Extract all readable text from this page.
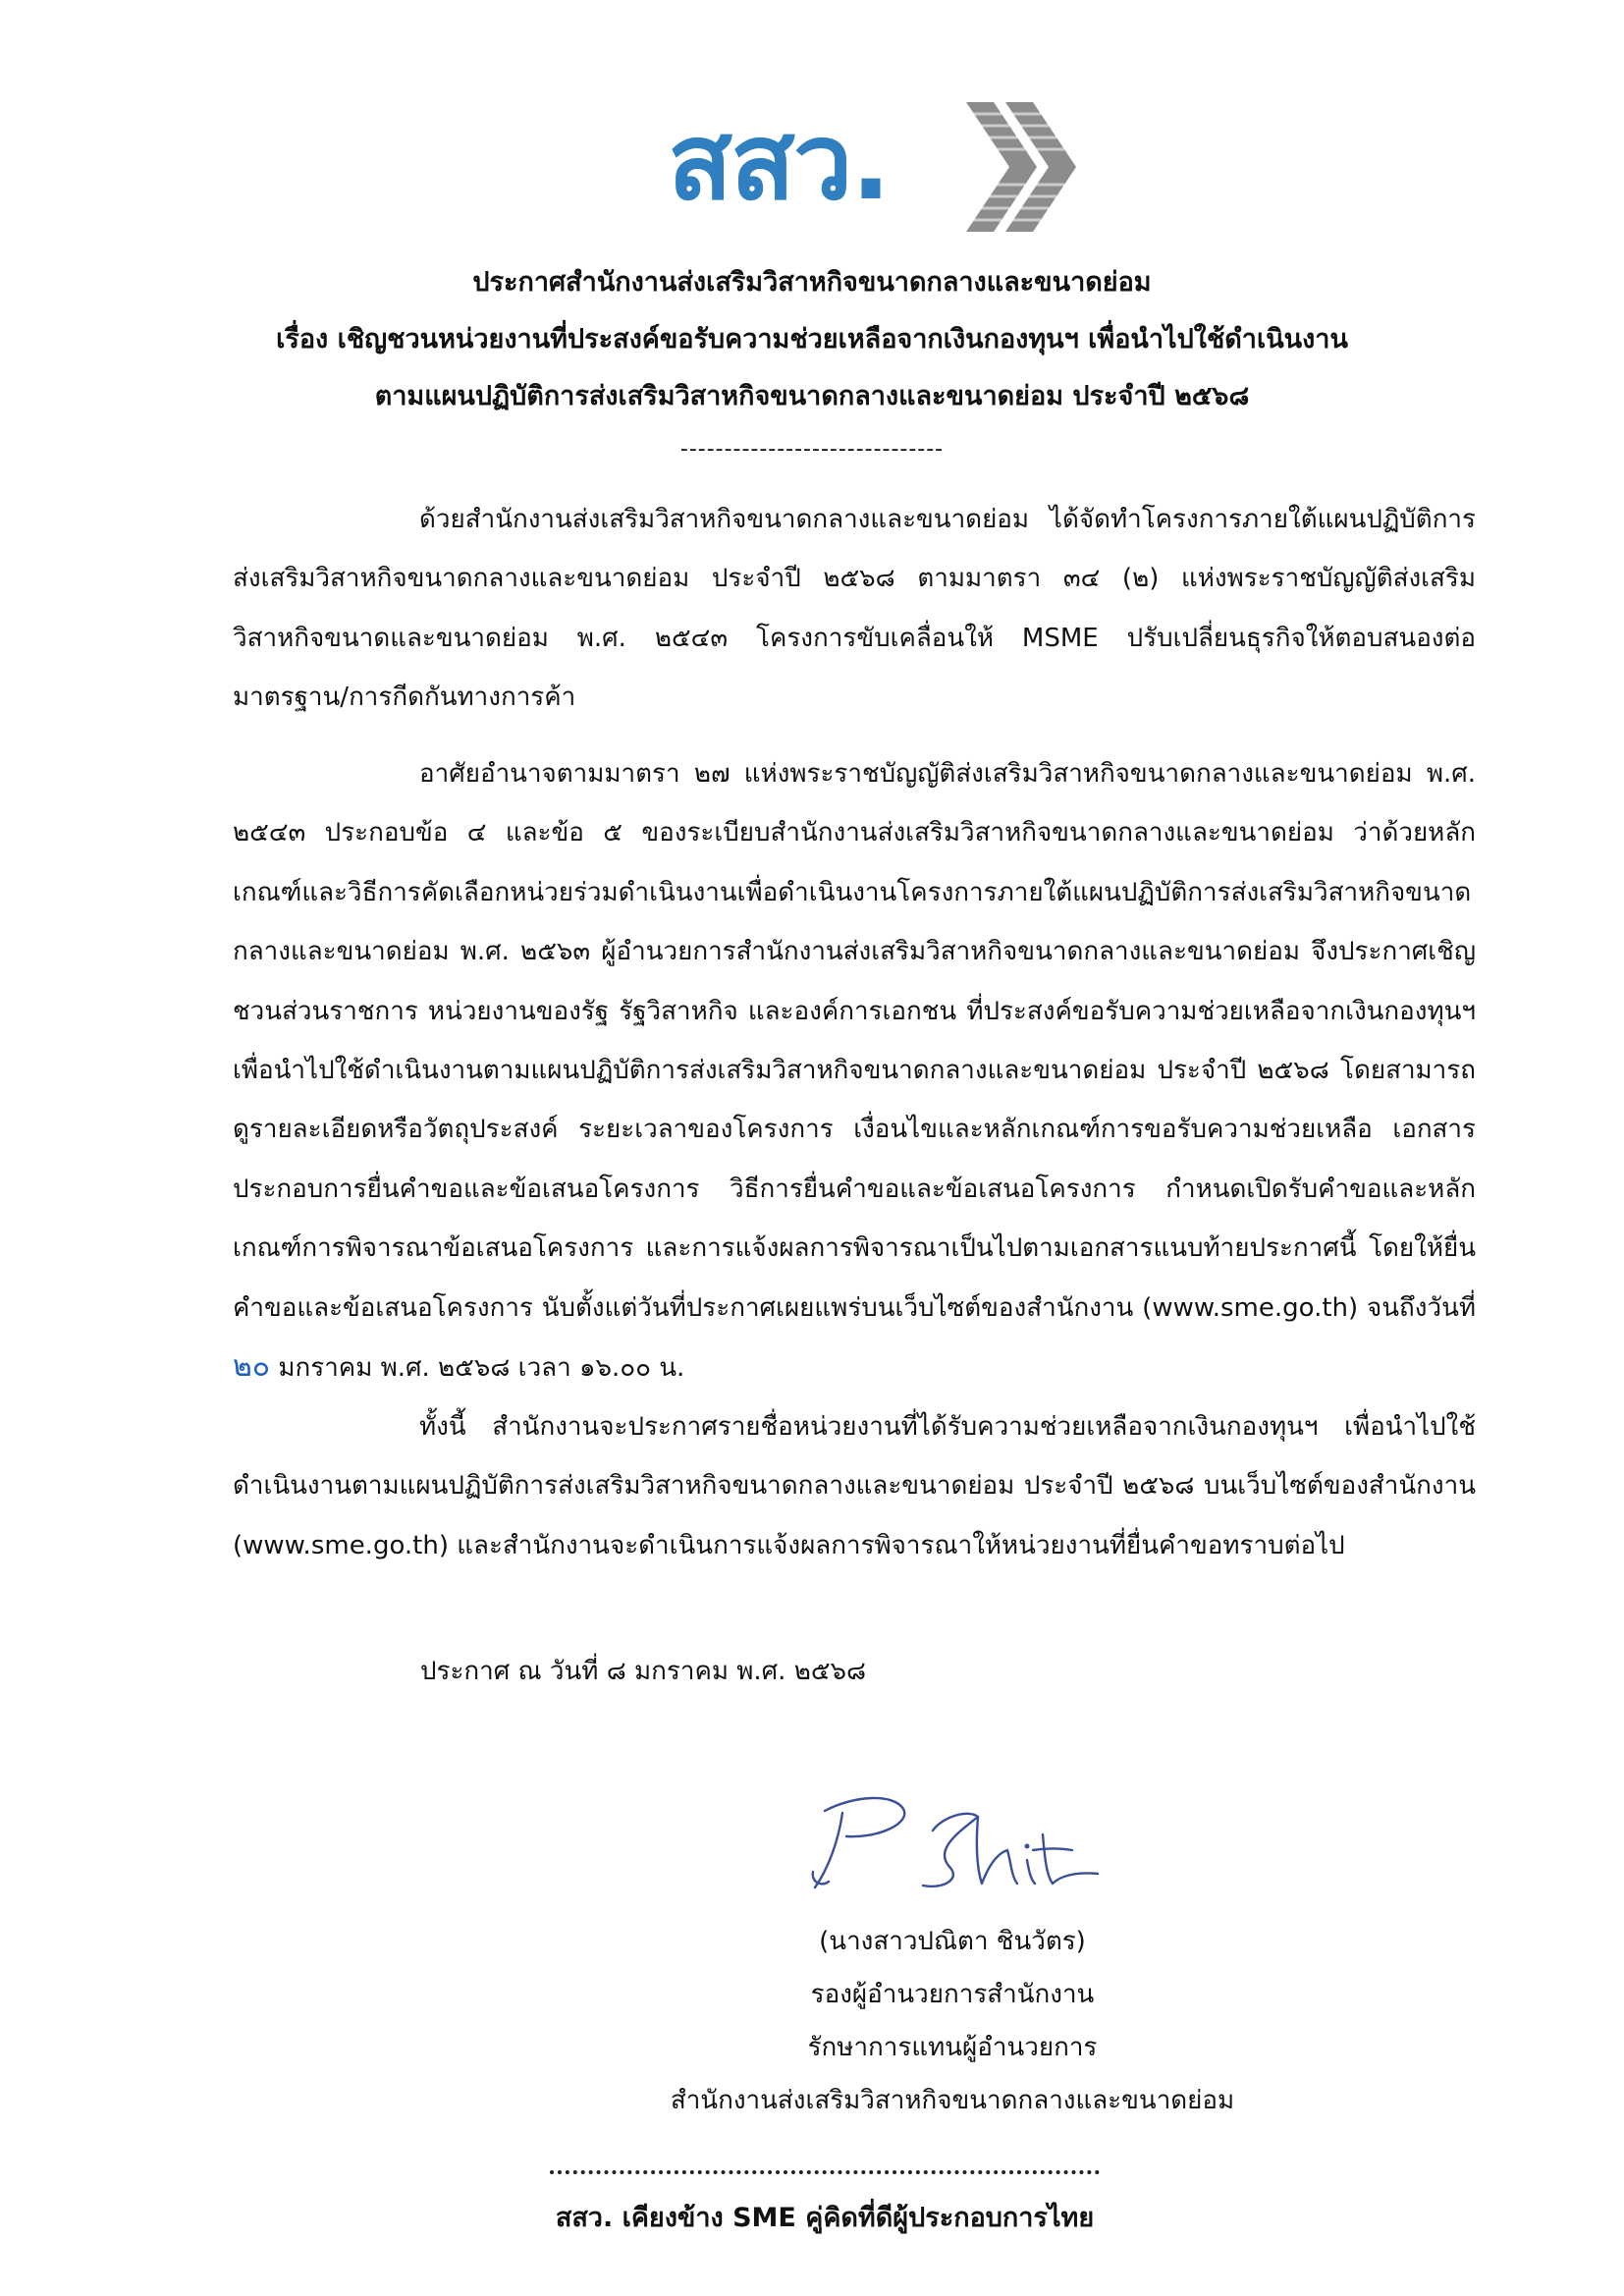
สสว.
ประกาศสำนักงานส่งเสริมวิสาหกิจขนาดกลางและขนาดย่อม
เรื่อง เชิญชวนหน่วยงานที่ประสงค์ขอรับความช่วยเหลือจากเงินกองทุนฯ เพื่อนำไปใช้ดำเนินงาน
ตามแผนปฏิบัติการส่งเสริมวิสาหกิจขนาดกลางและขนาดย่อม ประจำปี ๒๕๖๘
------------------------------

ด้วยสำนักงานส่งเสริมวิสาหกิจขนาดกลางและขนาดย่อม ได้จัดทำโครงการภายใต้แผนปฏิบัติการส่งเสริมวิสาหกิจขนาดกลางและขนาดย่อม ประจำปี ๒๕๖๘ ตามมาตรา ๓๔ (๒) แห่งพระราชบัญญัติส่งเสริมวิสาหกิจขนาดและขนาดย่อม พ.ศ. ๒๕๔๓ โครงการขับเคลื่อนให้ MSME ปรับเปลี่ยนธุรกิจให้ตอบสนองต่อมาตรฐาน/การกีดกันทางการค้า

อาศัยอำนาจตามมาตรา ๒๗ แห่งพระราชบัญญัติส่งเสริมวิสาหกิจขนาดกลางและขนาดย่อม พ.ศ. ๒๕๔๓ ประกอบข้อ ๔ และข้อ ๕ ของระเบียบสำนักงานส่งเสริมวิสาหกิจขนาดกลางและขนาดย่อม ว่าด้วยหลักเกณฑ์และวิธีการคัดเลือกหน่วยร่วมดำเนินงานเพื่อดำเนินงานโครงการภายใต้แผนปฏิบัติการส่งเสริมวิสาหกิจขนาดกลางและขนาดย่อม พ.ศ. ๒๕๖๓ ผู้อำนวยการสำนักงานส่งเสริมวิสาหกิจขนาดกลางและขนาดย่อม จึงประกาศเชิญชวนส่วนราชการ หน่วยงานของรัฐ รัฐวิสาหกิจ และองค์การเอกชน ที่ประสงค์ขอรับความช่วยเหลือจากเงินกองทุนฯ เพื่อนำไปใช้ดำเนินงานตามแผนปฏิบัติการส่งเสริมวิสาหกิจขนาดกลางและขนาดย่อม ประจำปี ๒๕๖๘ โดยสามารถดูรายละเอียดหรือวัตถุประสงค์ ระยะเวลาของโครงการ เงื่อนไขและหลักเกณฑ์การขอรับความช่วยเหลือ เอกสารประกอบการยื่นคำขอและข้อเสนอโครงการ วิธีการยื่นคำขอและข้อเสนอโครงการ กำหนดเปิดรับคำขอและหลักเกณฑ์การพิจารณาข้อเสนอโครงการ และการแจ้งผลการพิจารณาเป็นไปตามเอกสารแนบท้ายประกาศนี้ โดยให้ยื่นคำขอและข้อเสนอโครงการ นับตั้งแต่วันที่ประกาศเผยแพร่บนเว็บไซต์ของสำนักงาน (www.sme.go.th) จนถึงวันที่ ๒๐ มกราคม พ.ศ. ๒๕๖๘ เวลา ๑๖.๐๐ น.

ทั้งนี้ สำนักงานจะประกาศรายชื่อหน่วยงานที่ได้รับความช่วยเหลือจากเงินกองทุนฯ เพื่อนำไปใช้ดำเนินงานตามแผนปฏิบัติการส่งเสริมวิสาหกิจขนาดกลางและขนาดย่อม ประจำปี ๒๕๖๘ บนเว็บไซต์ของสำนักงาน (www.sme.go.th) และสำนักงานจะดำเนินการแจ้งผลการพิจารณาให้หน่วยงานที่ยื่นคำขอทราบต่อไป

ประกาศ ณ วันที่ ๘ มกราคม พ.ศ. ๒๕๖๘

(นางสาวปณิตา ชินวัตร)

รองผู้อำนวยการสำนักงาน

รักษาการแทนผู้อำนวยการ

สำนักงานส่งเสริมวิสาหกิจขนาดกลางและขนาดย่อม

สสว. เคียงข้าง SME คู่คิดที่ดีผู้ประกอบการไทย
